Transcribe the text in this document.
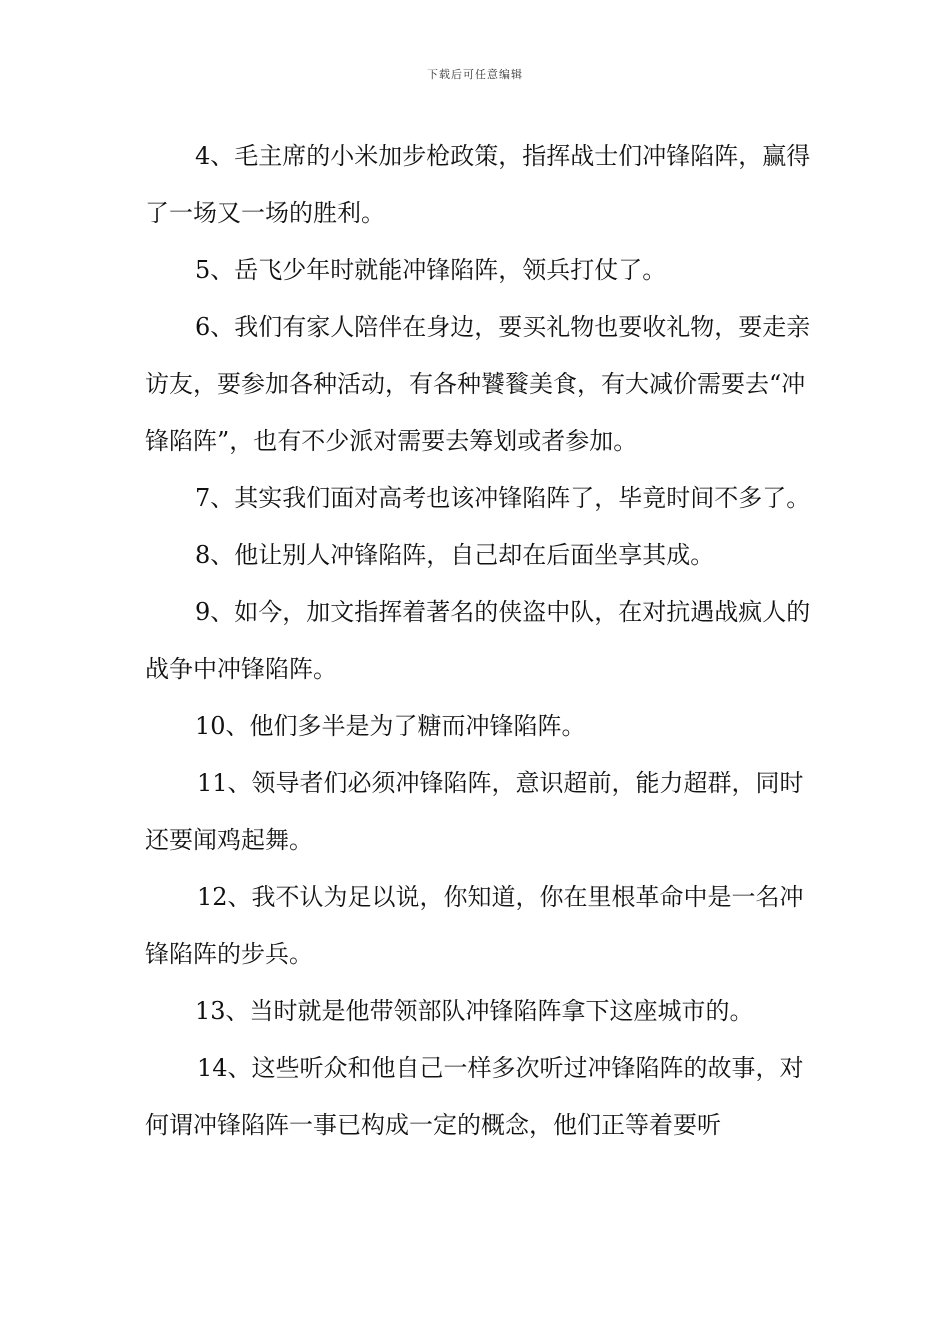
下载后可任意编辑

4、毛主席的小米加步枪政策，指挥战士们冲锋陷阵，赢得了一场又一场的胜利。

5、岳飞少年时就能冲锋陷阵，领兵打仗了。

6、我们有家人陪伴在身边，要买礼物也要收礼物，要走亲访友，要参加各种活动，有各种饕餮美食，有大减价需要去“冲锋陷阵”，也有不少派对需要去筹划或者参加。

7、其实我们面对高考也该冲锋陷阵了，毕竟时间不多了。

8、他让别人冲锋陷阵，自己却在后面坐享其成。

9、如今，加文指挥着著名的侠盗中队，在对抗遇战疯人的战争中冲锋陷阵。

10、他们多半是为了糖而冲锋陷阵。

11、领导者们必须冲锋陷阵，意识超前，能力超群，同时还要闻鸡起舞。

12、我不认为足以说，你知道，你在里根革命中是一名冲锋陷阵的步兵。

13、当时就是他带领部队冲锋陷阵拿下这座城市的。

14、这些听众和他自己一样多次听过冲锋陷阵的故事，对何谓冲锋陷阵一事已构成一定的概念，他们正等着要听
